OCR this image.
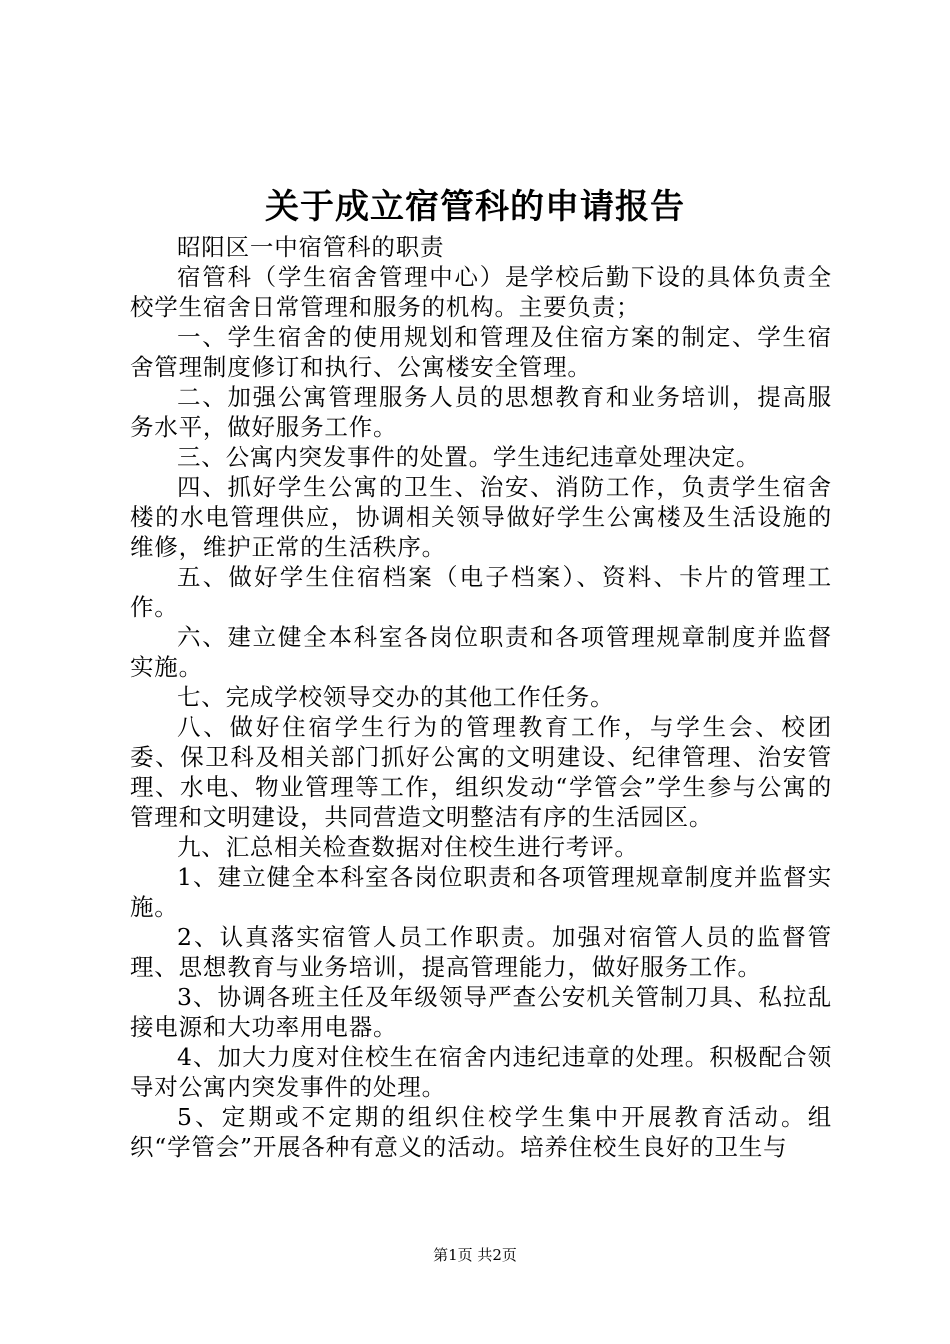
关于成立宿管科的申请报告

昭阳区一中宿管科的职责

宿管科（学生宿舍管理中心）是学校后勤下设的具体负责全校学生宿舍日常管理和服务的机构。主要负责；

一、学生宿舍的使用规划和管理及住宿方案的制定、学生宿舍管理制度修订和执行、公寓楼安全管理。

二、加强公寓管理服务人员的思想教育和业务培训，提高服务水平，做好服务工作。

三、公寓内突发事件的处置。学生违纪违章处理决定。

四、抓好学生公寓的卫生、治安、消防工作，负责学生宿舍楼的水电管理供应，协调相关领导做好学生公寓楼及生活设施的维修，维护正常的生活秩序。

五、做好学生住宿档案（电子档案）、资料、卡片的管理工作。

六、建立健全本科室各岗位职责和各项管理规章制度并监督实施。

七、完成学校领导交办的其他工作任务。

八、做好住宿学生行为的管理教育工作，与学生会、校团委、保卫科及相关部门抓好公寓的文明建设、纪律管理、治安管理、水电、物业管理等工作，组织发动“学管会”学生参与公寓的管理和文明建设，共同营造文明整洁有序的生活园区。

九、汇总相关检查数据对住校生进行考评。

1、建立健全本科室各岗位职责和各项管理规章制度并监督实施。

2、认真落实宿管人员工作职责。加强对宿管人员的监督管理、思想教育与业务培训，提高管理能力，做好服务工作。

3、协调各班主任及年级领导严查公安机关管制刀具、私拉乱接电源和大功率用电器。

4、加大力度对住校生在宿舍内违纪违章的处理。积极配合领导对公寓内突发事件的处理。

5、定期或不定期的组织住校学生集中开展教育活动。组织“学管会”开展各种有意义的活动。培养住校生良好的卫生与

第1页 共2页
